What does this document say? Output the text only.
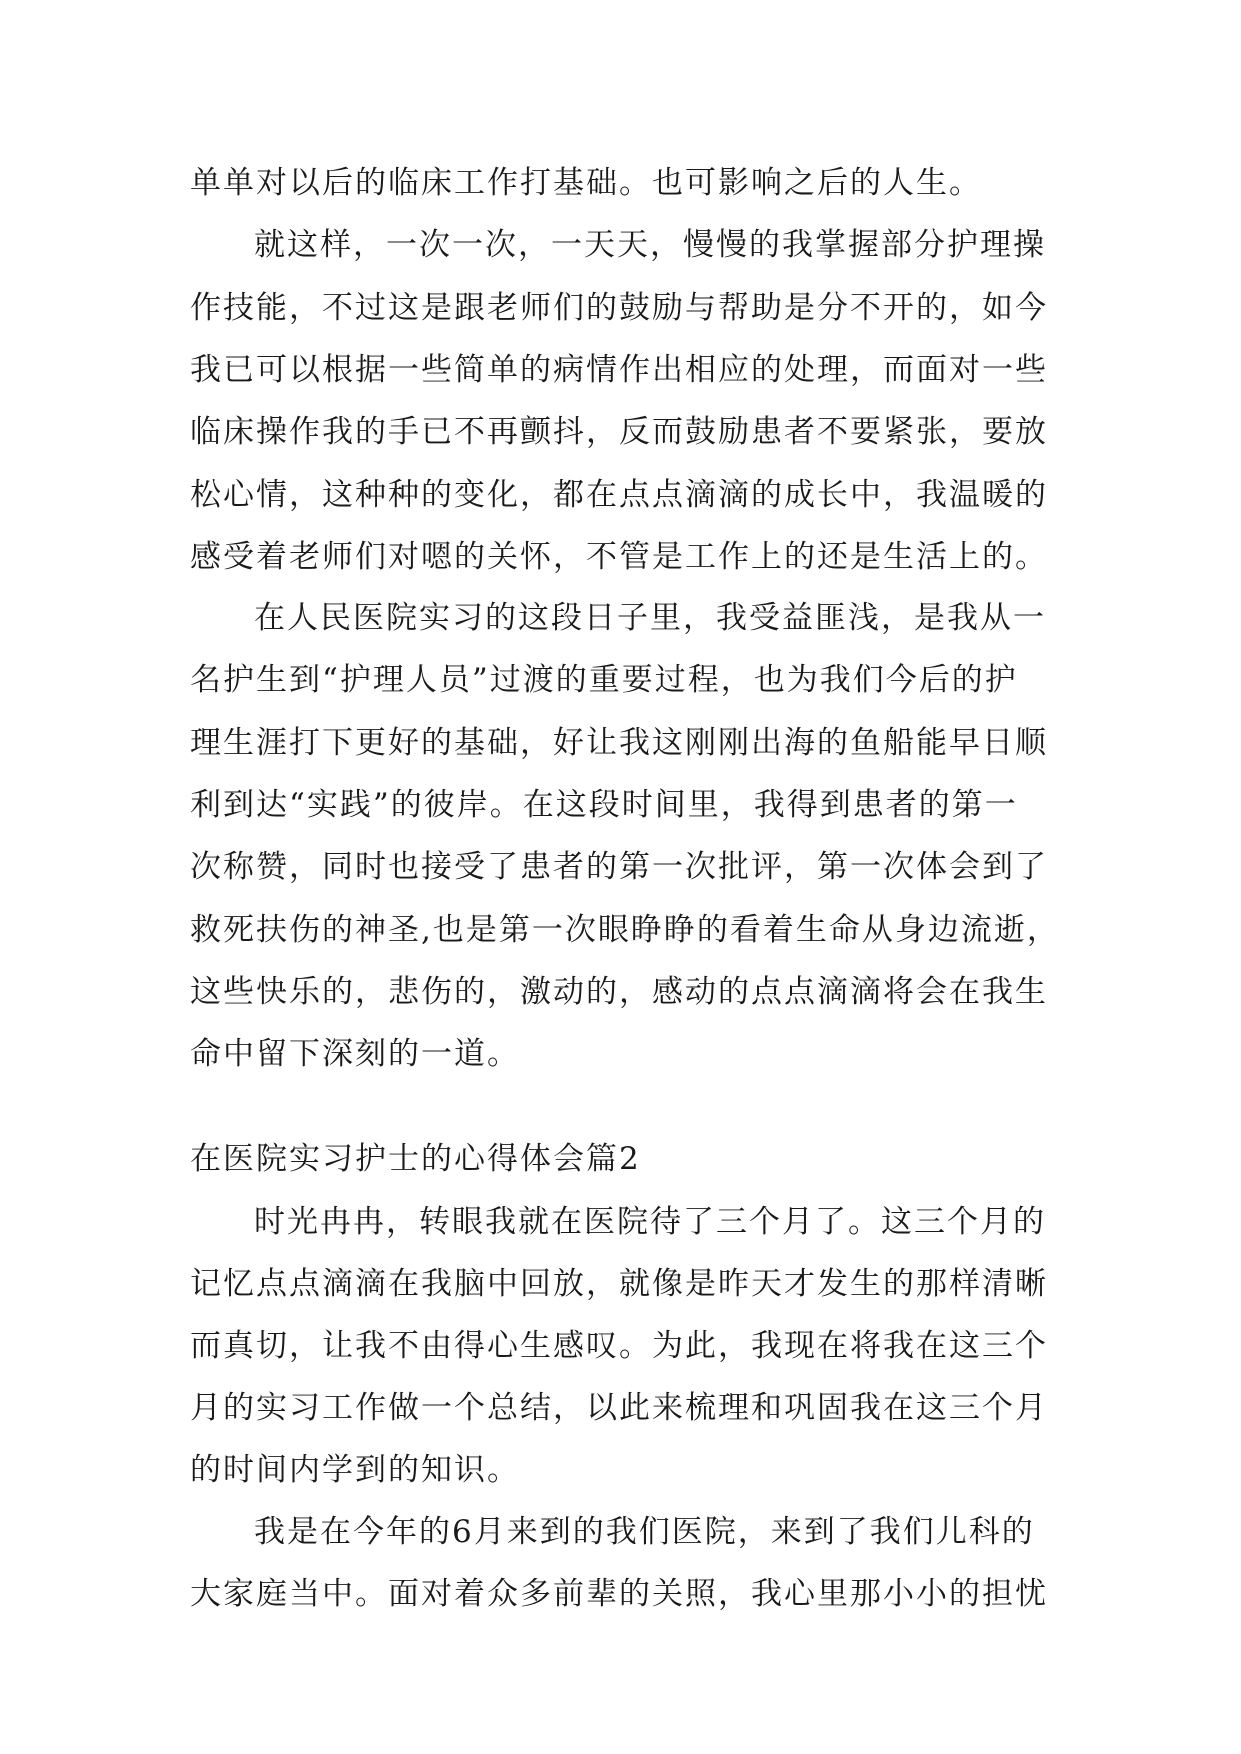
单单对以后的临床工作打基础。也可影响之后的人生。
就这样，一次一次，一天天，慢慢的我掌握部分护理操
作技能，不过这是跟老师们的鼓励与帮助是分不开的，如今
我已可以根据一些简单的病情作出相应的处理，而面对一些
临床操作我的手已不再颤抖，反而鼓励患者不要紧张，要放
松心情，这种种的变化，都在点点滴滴的成长中，我温暖的
感受着老师们对嗯的关怀，不管是工作上的还是生活上的。
在人民医院实习的这段日子里，我受益匪浅，是我从一
名护生到“护理人员”过渡的重要过程，也为我们今后的护
理生涯打下更好的基础，好让我这刚刚出海的鱼船能早日顺
利到达“实践”的彼岸。在这段时间里，我得到患者的第一
次称赞，同时也接受了患者的第一次批评，第一次体会到了
救死扶伤的神圣,也是第一次眼睁睁的看着生命从身边流逝，
这些快乐的，悲伤的，激动的，感动的点点滴滴将会在我生
命中留下深刻的一道。
在医院实习护士的心得体会篇2
时光冉冉，转眼我就在医院待了三个月了。这三个月的
记忆点点滴滴在我脑中回放，就像是昨天才发生的那样清晰
而真切，让我不由得心生感叹。为此，我现在将我在这三个
月的实习工作做一个总结，以此来梳理和巩固我在这三个月
的时间内学到的知识。
我是在今年的6月来到的我们医院，来到了我们儿科的
大家庭当中。面对着众多前辈的关照，我心里那小小的担忧
